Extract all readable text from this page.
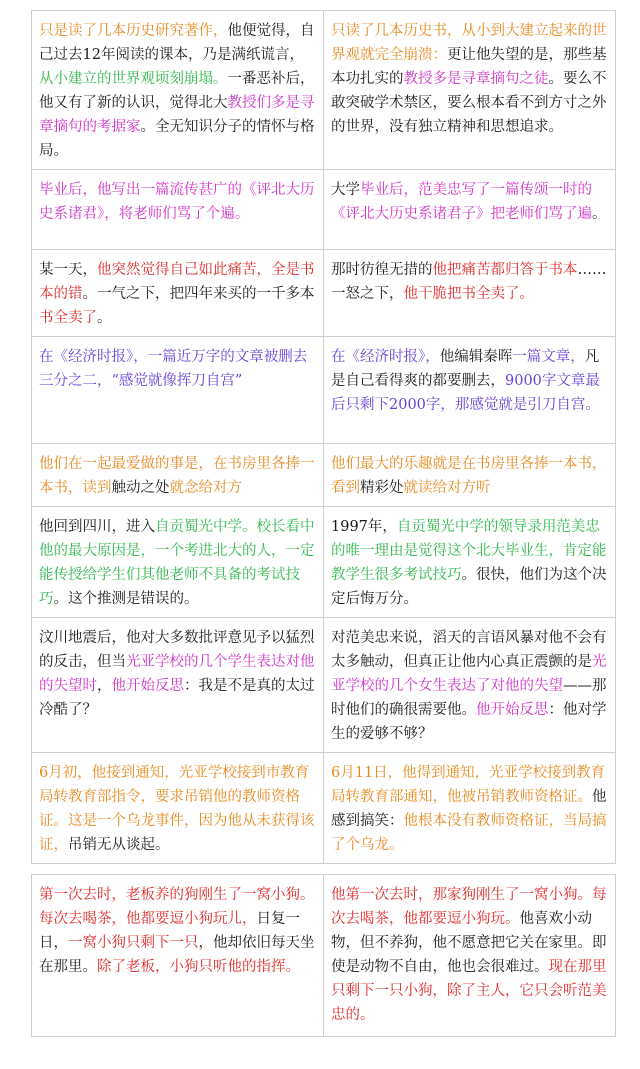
只是读了几本历史研究著作，他便觉得，自己过去12年阅读的课本，乃是满纸谎言，从小建立的世界观顷刻崩塌。一番恶补后，他又有了新的认识，觉得北大教授们多是寻章摘句的考据家。全无知识分子的情怀与格局。	只读了几本历史书，从小到大建立起来的世界观就完全崩溃：更让他失望的是，那些基本功扎实的教授多是寻章摘句之徒。要么不敢突破学术禁区，要么根本看不到方寸之外的世界，没有独立精神和思想追求。
毕业后，他写出一篇流传甚广的《评北大历史系诸君》，将老师们骂了个遍。	大学毕业后，范美忠写了一篇传颂一时的《评北大历史系诸君子》把老师们骂了遍。
某一天，他突然觉得自己如此痛苦，全是书本的错。一气之下，把四年来买的一千多本书全卖了。	那时彷徨无措的他把痛苦都归答于书本……一怒之下，他干脆把书全卖了。
在《经济时报》，一篇近万字的文章被删去三分之二，“感觉就像挥刀自宫”	在《经济时报》，他编辑秦晖一篇文章，凡是自己看得爽的都要删去，9000字文章最后只剩下2000字，那感觉就是引刀自宫。
他们在一起最爱做的事是，在书房里各捧一本书，读到触动之处就念给对方	他们最大的乐趣就是在书房里各捧一本书，看到精彩处就读给对方听
他回到四川，进入自贡蜀光中学。校长看中他的最大原因是，一个考进北大的人，一定能传授给学生们其他老师不具备的考试技巧。这个推测是错误的。	1997年，自贡蜀光中学的领导录用范美忠的唯一理由是觉得这个北大毕业生，肯定能教学生很多考试技巧。很快，他们为这个决定后悔万分。
汶川地震后，他对大多数批评意见予以猛烈的反击，但当光亚学校的几个学生表达对他的失望时，他开始反思：我是不是真的太过冷酷了？	对范美忠来说，滔天的言语风暴对他不会有太多触动，但真正让他内心真正震颤的是光亚学校的几个女生表达了对他的失望——那时他们的确很需要他。他开始反思：他对学生的爱够不够？
6月初，他接到通知，光亚学校接到市教育局转教育部指令，要求吊销他的教师资格证。这是一个乌龙事件，因为他从未获得该证，吊销无从谈起。	6月11日，他得到通知，光亚学校接到教育局转教育部通知，他被吊销教师资格证。他感到搞笑：他根本没有教师资格证，当局搞了个乌龙。
第一次去时，老板养的狗刚生了一窝小狗。每次去喝茶，他都要逗小狗玩儿，日复一日，一窝小狗只剩下一只，他却依旧每天坐在那里。除了老板，小狗只听他的指挥。	他第一次去时，那家狗刚生了一窝小狗。每次去喝茶，他都要逗小狗玩。他喜欢小动物，但不养狗，他不愿意把它关在家里。即使是动物不自由，他也会很难过。现在那里只剩下一只小狗，除了主人，它只会听范美忠的。
